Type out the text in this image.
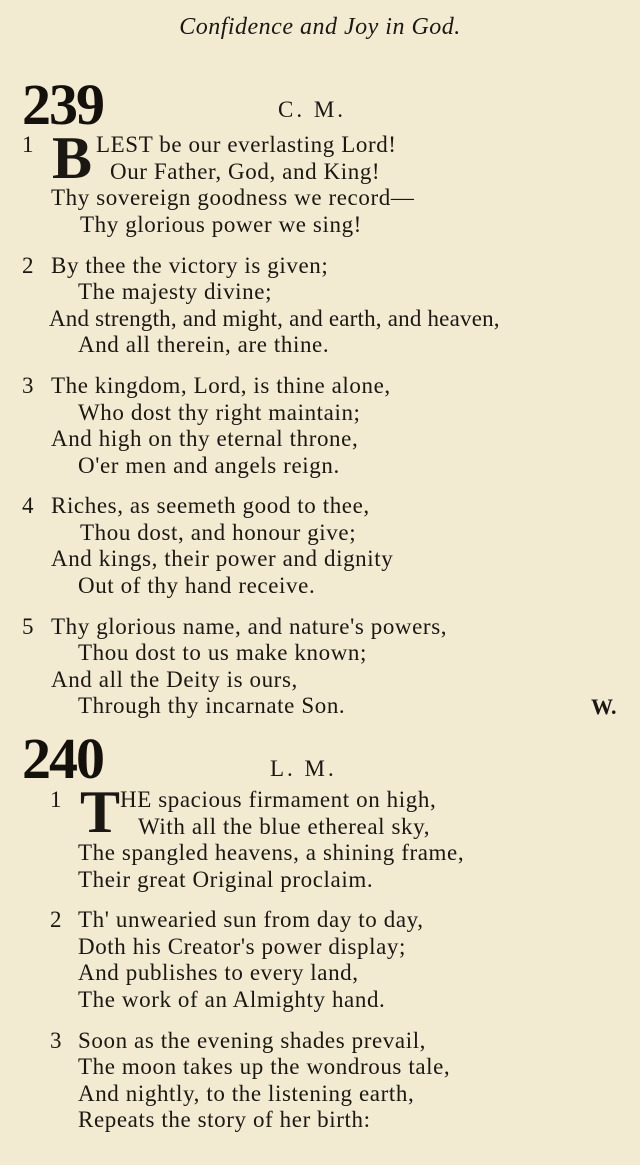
Confidence and Joy in God.
239	C. M.
1 B LEST be our everlasting Lord!
Our Father, God, and King!
Thy sovereign goodness we record—
Thy glorious power we sing!
2 By thee the victory is given;
The majesty divine;
And strength, and might, and earth, and heaven,
And all therein, are thine.
3 The kingdom, Lord, is thine alone,
Who dost thy right maintain;
And high on thy eternal throne,
O'er men and angels reign.
4 Riches, as seemeth good to thee,
Thou dost, and honour give;
And kings, their power and dignity
Out of thy hand receive.
5 Thy glorious name, and nature's powers,
Thou dost to us make known;
And all the Deity is ours,
Through thy incarnate Son.	W.
240	L. M.
1 T HE spacious firmament on high,
With all the blue ethereal sky,
The spangled heavens, a shining frame,
Their great Original proclaim.
2 Th' unwearied sun from day to day,
Doth his Creator's power display;
And publishes to every land,
The work of an Almighty hand.
3 Soon as the evening shades prevail,
The moon takes up the wondrous tale,
And nightly, to the listening earth,
Repeats the story of her birth:
